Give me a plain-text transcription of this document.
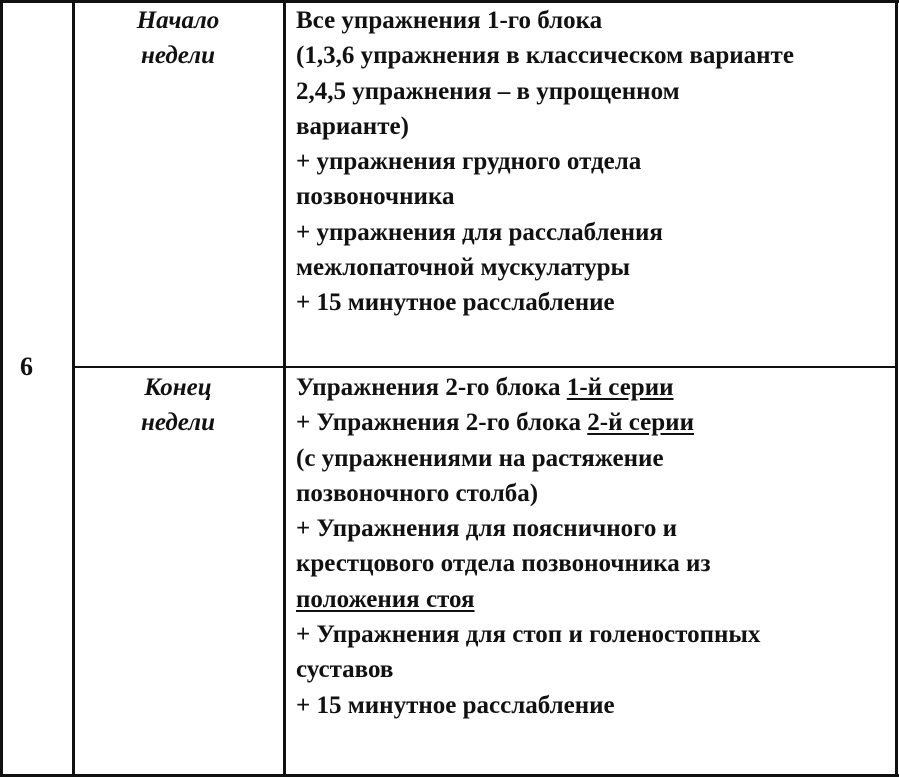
6
Начало
недели
Конец
недели
Все упражнения 1-го блока
(1,3,6 упражнения в классическом варианте
2,4,5 упражнения – в упрощенном
варианте)
+ упражнения грудного отдела
позвоночника
+ упражнения для расслабления
межлопаточной мускулатуры
+ 15 минутное расслабление
Упражнения 2-го блока 1-й серии
+ Упражнения 2-го блока 2-й серии
(с упражнениями на растяжение
позвоночного столба)
+ Упражнения для поясничного и
крестцового отдела позвоночника из
положения стоя
+ Упражнения для стоп и голеностопных
суставов
+ 15 минутное расслабление
